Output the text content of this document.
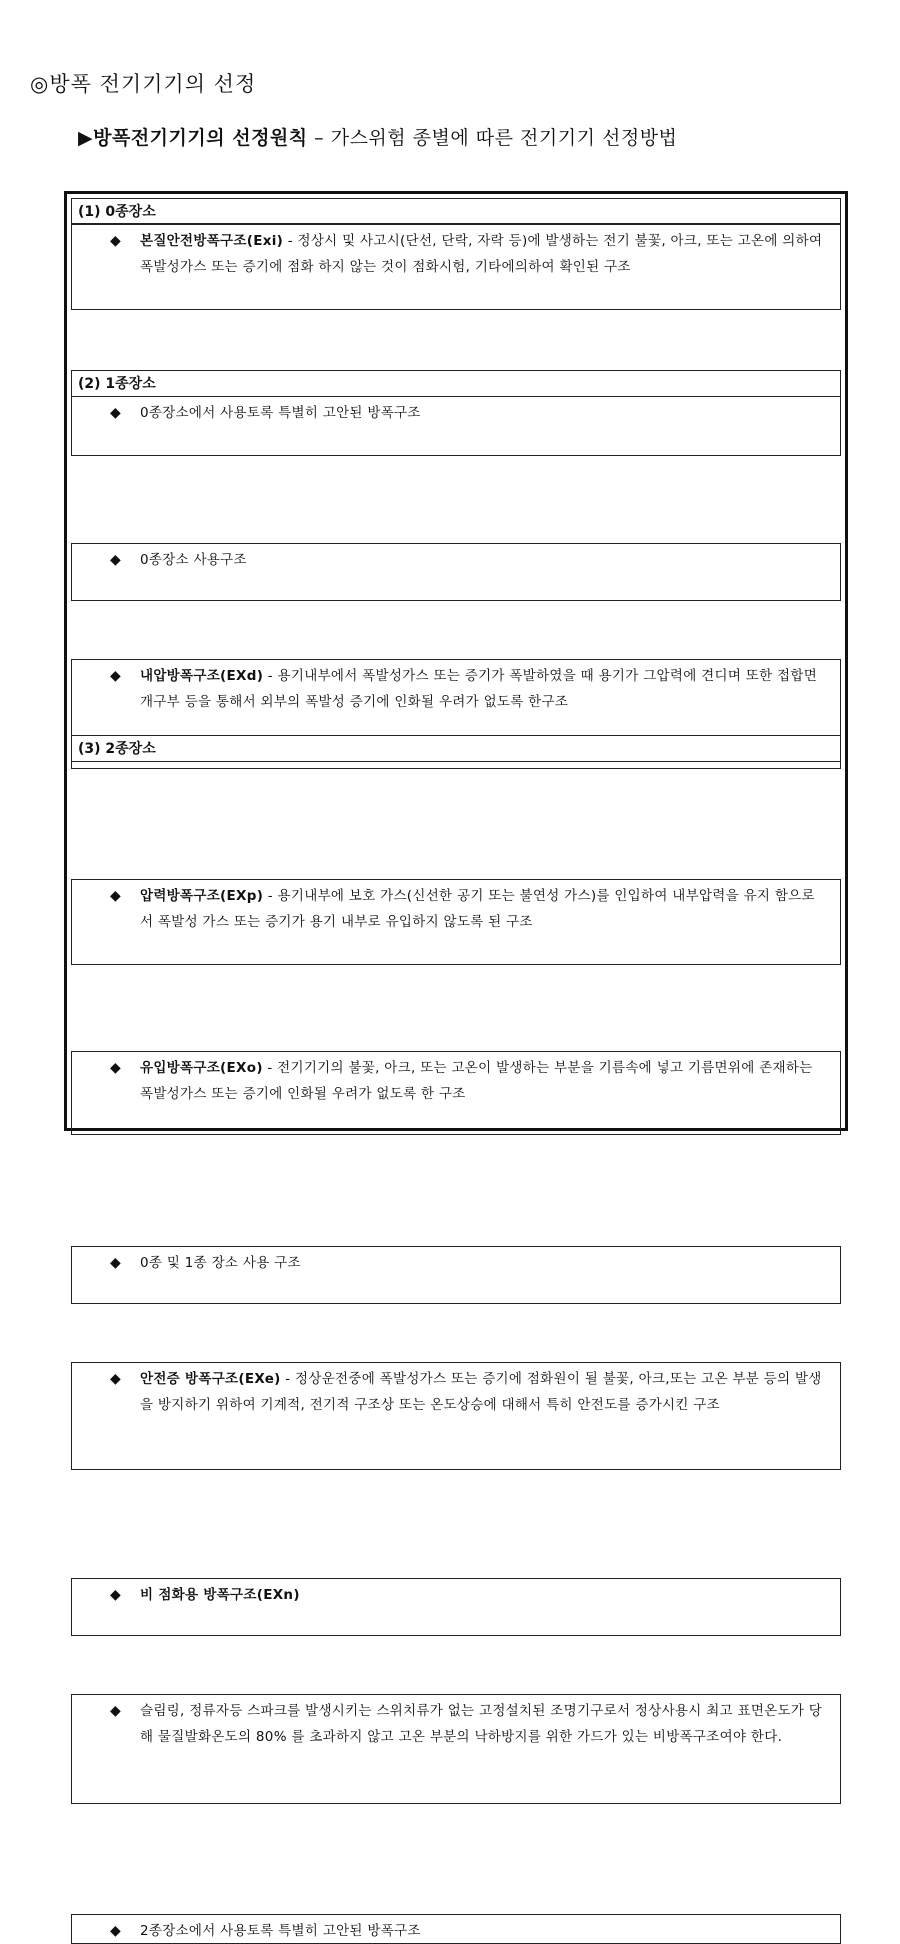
◎방폭 전기기기의 선정
▶방폭전기기기의 선정원칙 – 가스위험 종별에 따른 전기기기 선정방법
(1) 0종장소
◆	본질안전방폭구조(Exi) - 정상시 및 사고시(단선, 단락, 자락 등)에 발생하는 전기 불꽃, 아크, 또는 고온에 의하여 폭발성가스 또는 증기에 점화 하지 않는 것이 점화시험, 기타에의하여 확인된 구조
◆	0종장소에서 사용토록 특별히 고안된 방폭구조
(2) 1종장소
◆	0종장소 사용구조
◆	내압방폭구조(EXd) - 용기내부에서 폭발성가스 또는 증기가 폭발하였을 때 용기가 그압력에 견디며 또한 접합면 개구부 등을 통해서 외부의 폭발성 증기에 인화될 우려가 없도록 한구조
◆	압력방폭구조(EXp) - 용기내부에 보호 가스(신선한 공기 또는 불연성 가스)를 인입하여 내부압력을 유지 함으로서 폭발성 가스 또는 증기가 용기 내부로 유입하지 않도록 된 구조
◆	유입방폭구조(EXo) - 전기기기의 불꽃, 아크, 또는 고온이 발생하는 부분을 기름속에 넣고 기름면위에 존재하는 폭발성가스 또는 증기에 인화될 우려가 없도록 한 구조
(3) 2종장소
◆	0종 및 1종 장소 사용 구조
◆	안전증 방폭구조(EXe) - 정상운전중에 폭발성가스 또는 증기에 점화원이 될 불꽃, 아크,또는 고온 부분 등의 발생을 방지하기 위하여 기계적, 전기적 구조상 또는 온도상승에 대해서 특히 안전도를 증가시킨 구조
◆	비 점화용 방폭구조(EXn)
◆	슬림링, 정류자등 스파크를 발생시키는 스위치류가 없는 고정설치된 조명기구로서 정상사용시 최고 표면온도가 당해 물질발화온도의 80% 를 초과하지 않고 고온 부분의 낙하방지를 위한 가드가 있는 비방폭구조여야 한다.
◆	2종장소에서 사용토록 특별히 고안된 방폭구조
